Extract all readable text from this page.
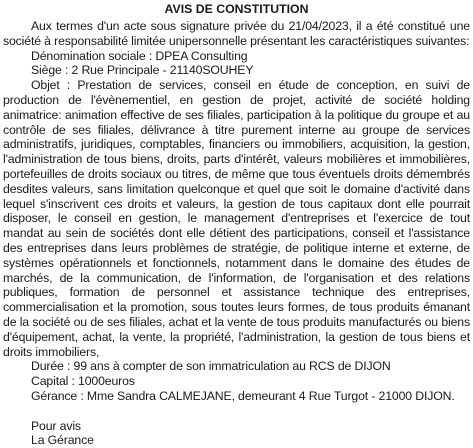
AVIS DE CONSTITUTION

Aux termes d'un acte sous signature privée du 21/04/2023, il a été constitué une société à responsabilité limitée unipersonnelle présentant les caractéristiques suivantes:

Dénomination sociale : DPEA Consulting

Siège : 2 Rue Principale - 21140SOUHEY

Objet : Prestation de services, conseil en étude de conception, en suivi de production de l'évènementiel, en gestion de projet, activité de société holding animatrice: animation effective de ses filiales, participation à la politique du groupe et au contrôle de ses filiales, délivrance à titre purement interne au groupe de services administratifs, juridiques, comptables, financiers ou immobiliers, acquisition, la gestion, l'administration de tous biens, droits, parts d'intérêt, valeurs mobilières et immobilières, portefeuilles de droits sociaux ou titres, de même que tous éventuels droits démembrés desdites valeurs, sans limitation quelconque et quel que soit le domaine d'activité dans lequel s'inscrivent ces droits et valeurs, la gestion de tous capitaux dont elle pourrait disposer, le conseil en gestion, le management d'entreprises et l'exercice de tout mandat au sein de sociétés dont elle détient des participations, conseil et l'assistance des entreprises dans leurs problèmes de stratégie, de politique interne et externe, de systèmes opérationnels et fonctionnels, notamment dans le domaine des études de marchés, de la communication, de l'information, de l'organisation et des relations publiques, formation de personnel et assistance technique des entreprises, commercialisation et la promotion, sous toutes leurs formes, de tous produits émanant de la société ou de ses filiales, achat et la vente de tous produits manufacturés ou biens d'équipement, achat, la vente, la propriété, l'administration, la gestion de tous biens et droits immobiliers,

Durée : 99 ans à compter de son immatriculation au RCS de DIJON

Capital : 1000euros

Gérance : Mme Sandra CALMEJANE, demeurant 4 Rue Turgot - 21000 DIJON.

Pour avis

La Gérance
